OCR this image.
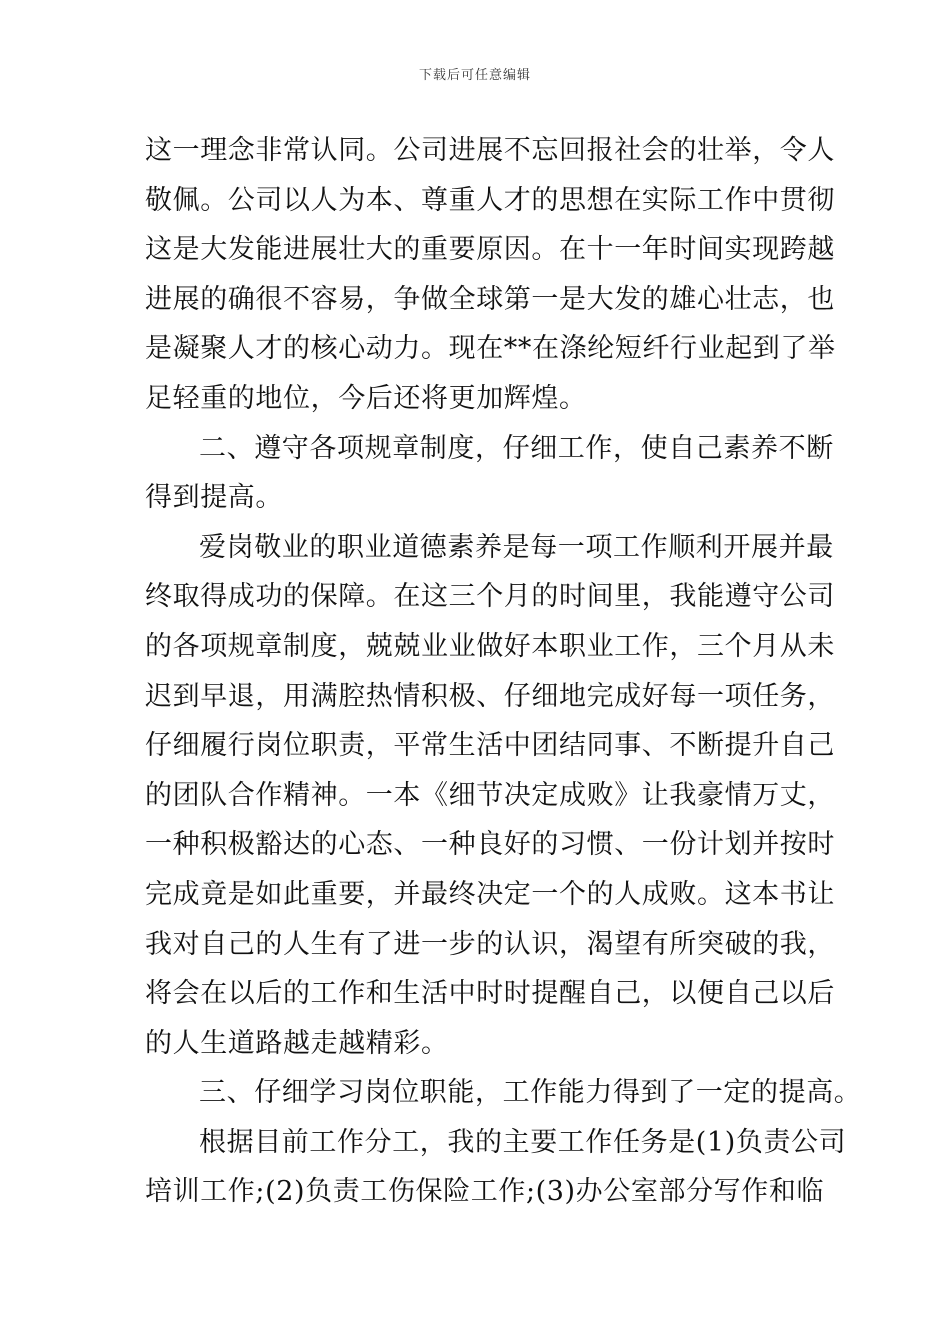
下载后可任意编辑
这一理念非常认同。公司进展不忘回报社会的壮举，令人
敬佩。公司以人为本、尊重人才的思想在实际工作中贯彻
这是大发能进展壮大的重要原因。在十一年时间实现跨越
进展的确很不容易，争做全球第一是大发的雄心壮志，也
是凝聚人才的核心动力。现在**在涤纶短纤行业起到了举
足轻重的地位，今后还将更加辉煌。
二、遵守各项规章制度，仔细工作，使自己素养不断
得到提高。
爱岗敬业的职业道德素养是每一项工作顺利开展并最
终取得成功的保障。在这三个月的时间里，我能遵守公司
的各项规章制度，兢兢业业做好本职业工作，三个月从未
迟到早退，用满腔热情积极、仔细地完成好每一项任务，
仔细履行岗位职责，平常生活中团结同事、不断提升自己
的团队合作精神。一本《细节决定成败》让我豪情万丈，
一种积极豁达的心态、一种良好的习惯、一份计划并按时
完成竟是如此重要，并最终决定一个的人成败。这本书让
我对自己的人生有了进一步的认识，渴望有所突破的我，
将会在以后的工作和生活中时时提醒自己，以便自己以后
的人生道路越走越精彩。
三、仔细学习岗位职能，工作能力得到了一定的提高。
根据目前工作分工，我的主要工作任务是(1)负责公司
培训工作;(2)负责工伤保险工作;(3)办公室部分写作和临
